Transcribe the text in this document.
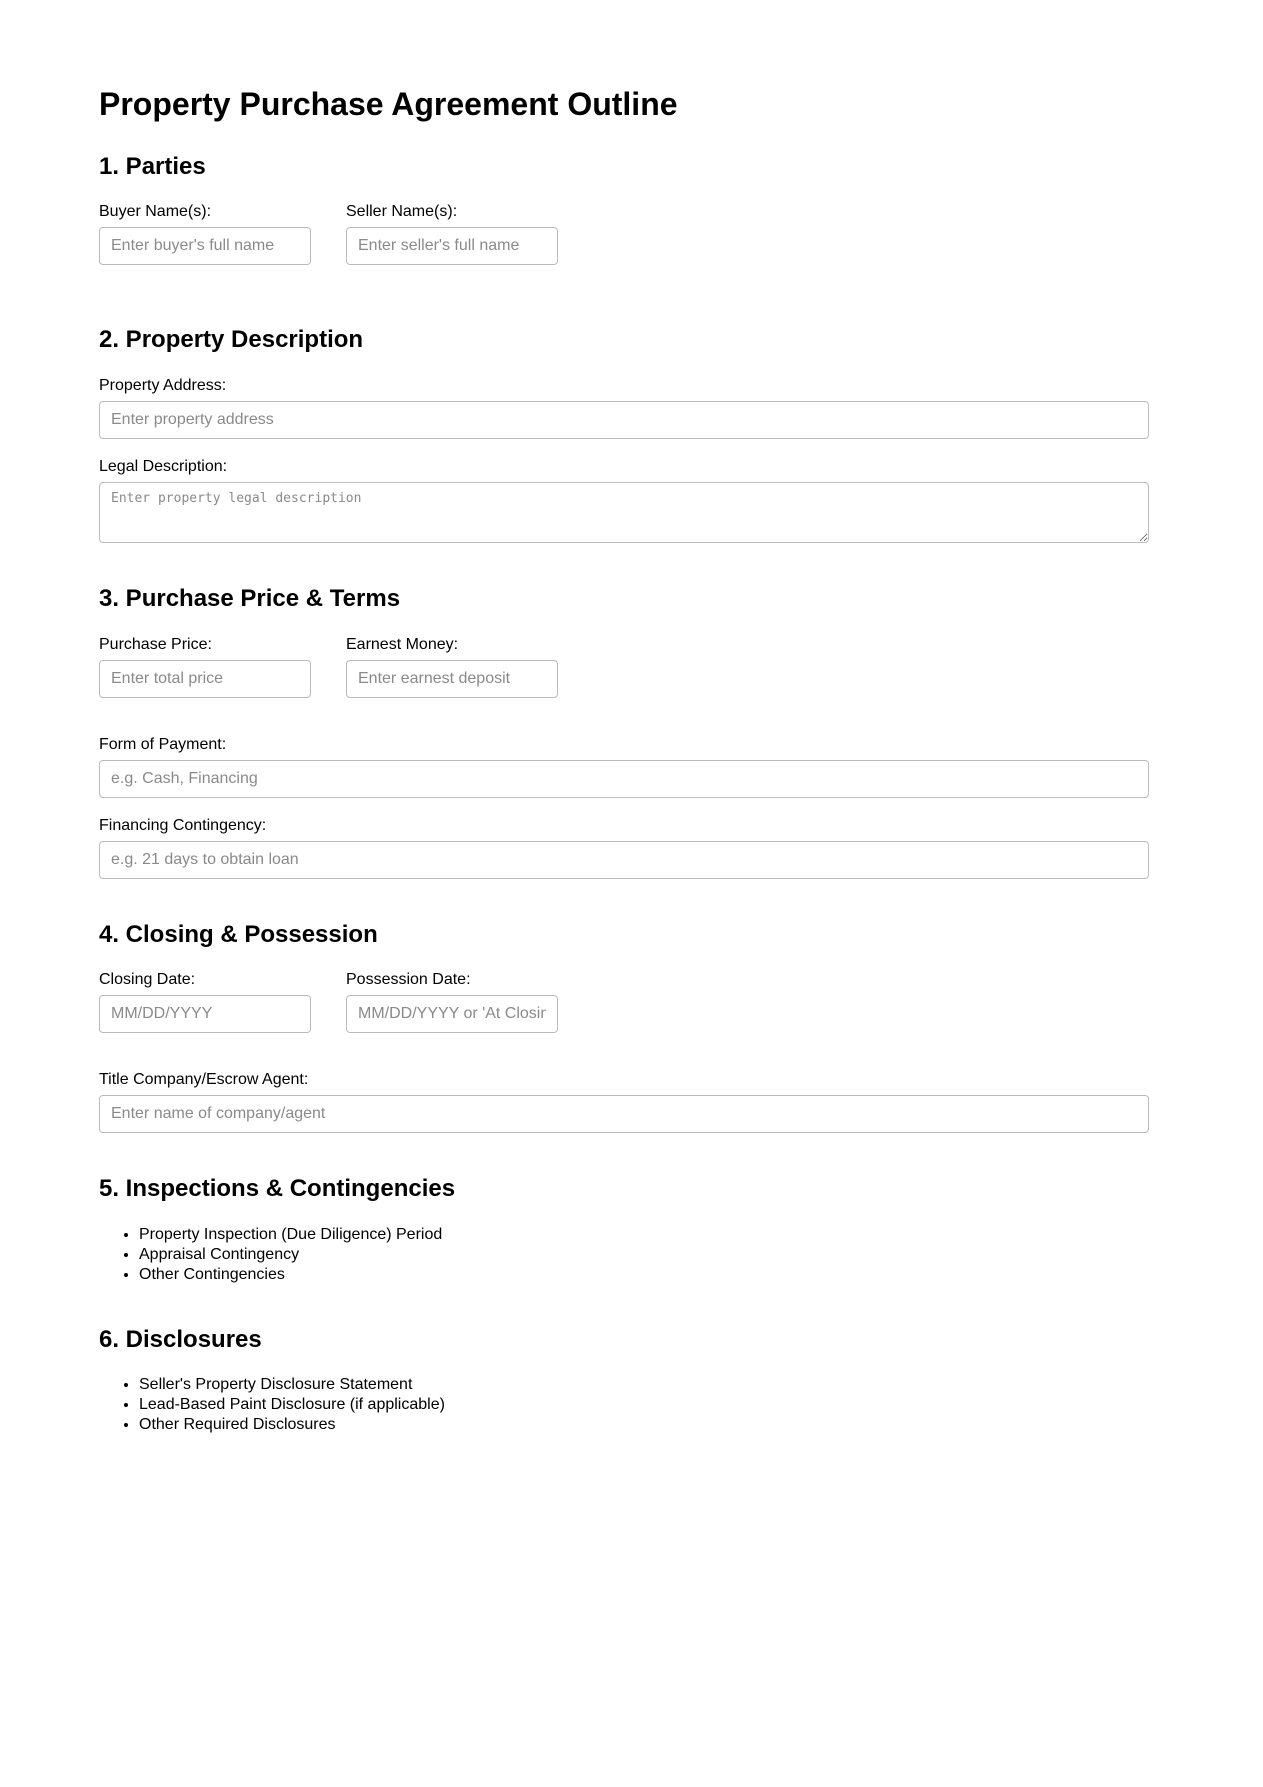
Property Purchase Agreement Outline
1. Parties
Buyer Name(s):
Enter buyer's full name	Seller Name(s):
Enter seller's full name
2. Property Description
Property Address:
Enter property address
Legal Description:
Enter property legal description
3. Purchase Price & Terms
Purchase Price:
Enter total price	Earnest Money:
Enter earnest deposit
Form of Payment:
e.g. Cash, Financing
Financing Contingency:
e.g. 21 days to obtain loan
4. Closing & Possession
Closing Date:
MM/DD/YYYY	Possession Date:
MM/DD/YYYY or 'At Closing'
Title Company/Escrow Agent:
Enter name of company/agent
5. Inspections & Contingencies
• Property Inspection (Due Diligence) Period
• Appraisal Contingency
• Other Contingencies
6. Disclosures
• Seller's Property Disclosure Statement
• Lead-Based Paint Disclosure (if applicable)
• Other Required Disclosures
